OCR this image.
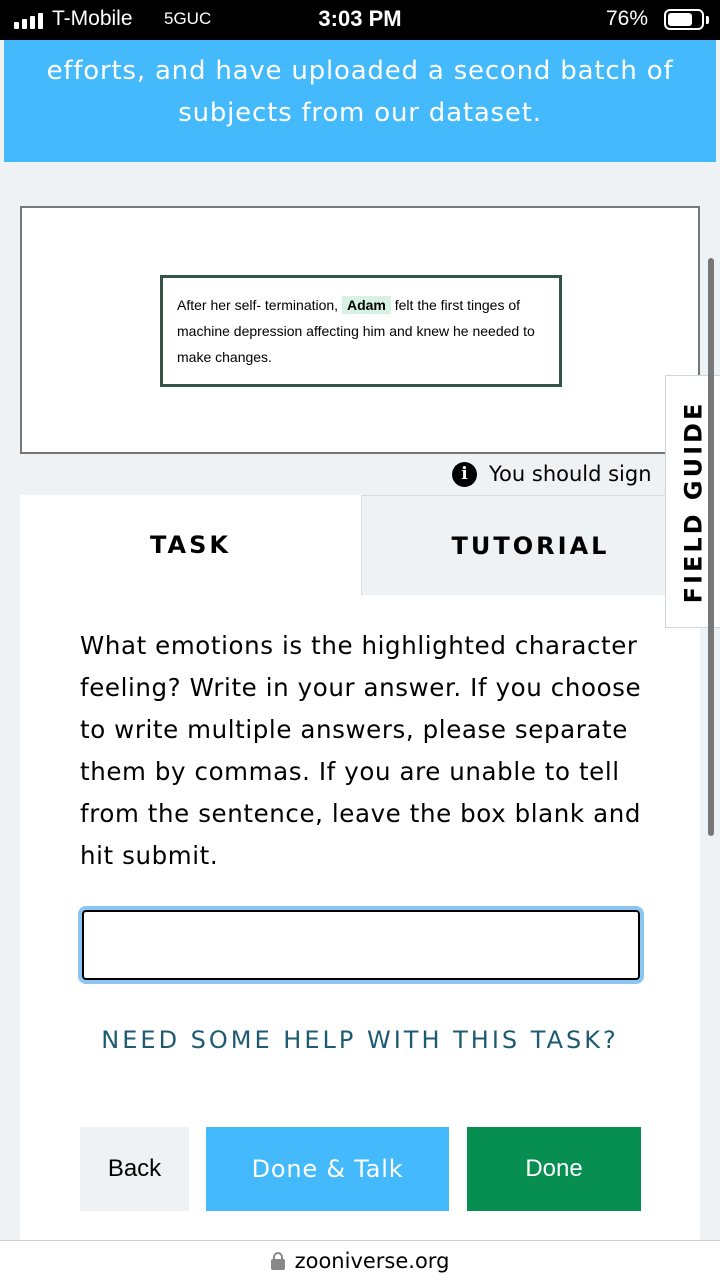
T-Mobile 5GUC	3:03 PM	76%
efforts, and have uploaded a second batch of subjects from our dataset.
After her self- termination, Adam felt the first tinges of machine depression affecting him and knew he needed to make changes.
i	You should sign
TASK	TUTORIAL
What emotions is the highlighted character feeling? Write in your answer. If you choose to write multiple answers, please separate them by commas. If you are unable to tell from the sentence, leave the box blank and hit submit.
NEED SOME HELP WITH THIS TASK?
Back	Done & Talk	Done
FIELD GUIDE
zooniverse.org
